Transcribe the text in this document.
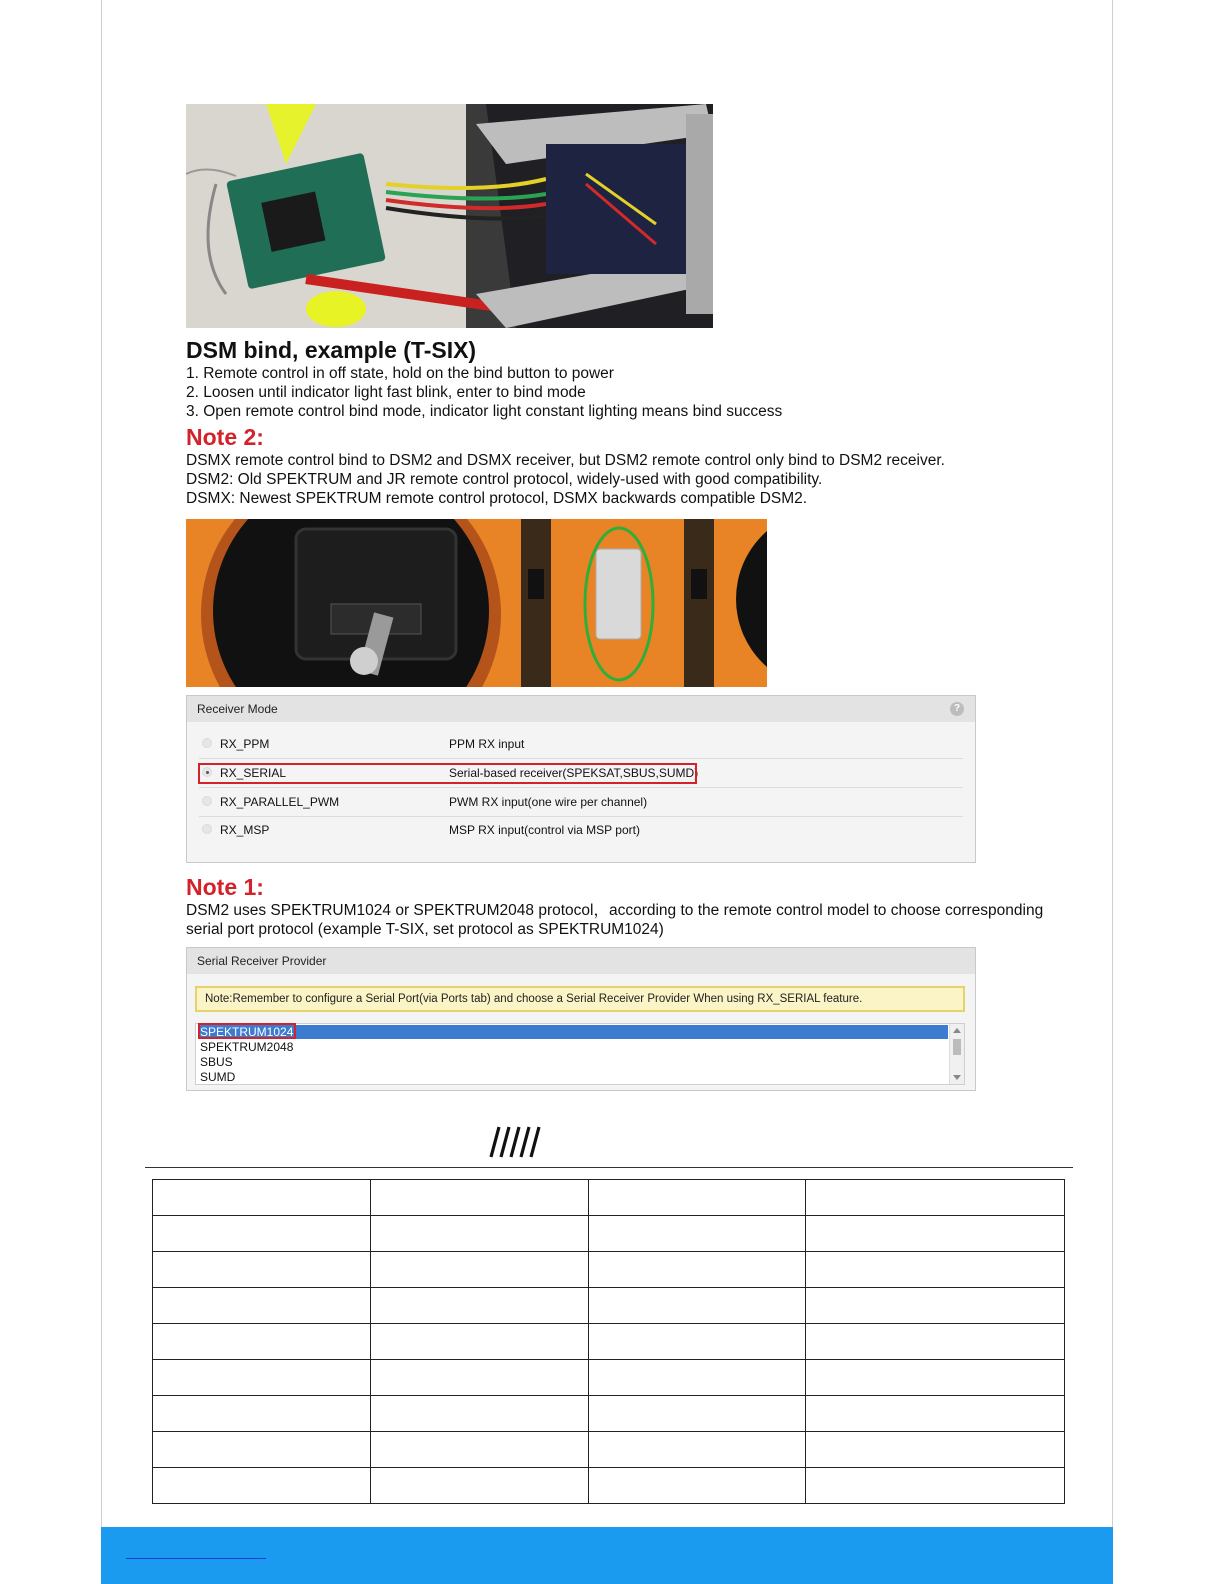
DSM bind, example (T-SIX)
1. Remote control in off state, hold on the bind button to power
2. Loosen until indicator light fast blink, enter to bind mode
3. Open remote control bind mode, indicator light constant lighting means bind success
Note 2:
DSMX remote control bind to DSM2 and DSMX receiver, but DSM2 remote control only bind to DSM2 receiver.
DSM2: Old SPEKTRUM and JR remote control protocol, widely-used with good compatibility.
DSMX: Newest SPEKTRUM remote control protocol, DSMX backwards compatible DSM2.
Receiver Mode	?
RX_PPM	PPM RX input
RX_SERIAL	Serial-based receiver(SPEKSAT,SBUS,SUMD)
RX_PARALLEL_PWM	PWM RX input(one wire per channel)
RX_MSP	MSP RX input(control via MSP port)
Note 1:
DSM2 uses SPEKTRUM1024 or SPEKTRUM2048 protocol，according to the remote control model to choose corresponding serial port protocol (example T-SIX, set protocol as SPEKTRUM1024)
Serial Receiver Provider
Note:Remember to configure a Serial Port(via Ports tab) and choose a Serial Receiver Provider When using RX_SERIAL feature.
SPEKTRUM1024
SPEKTRUM2048
SBUS
SUMD
